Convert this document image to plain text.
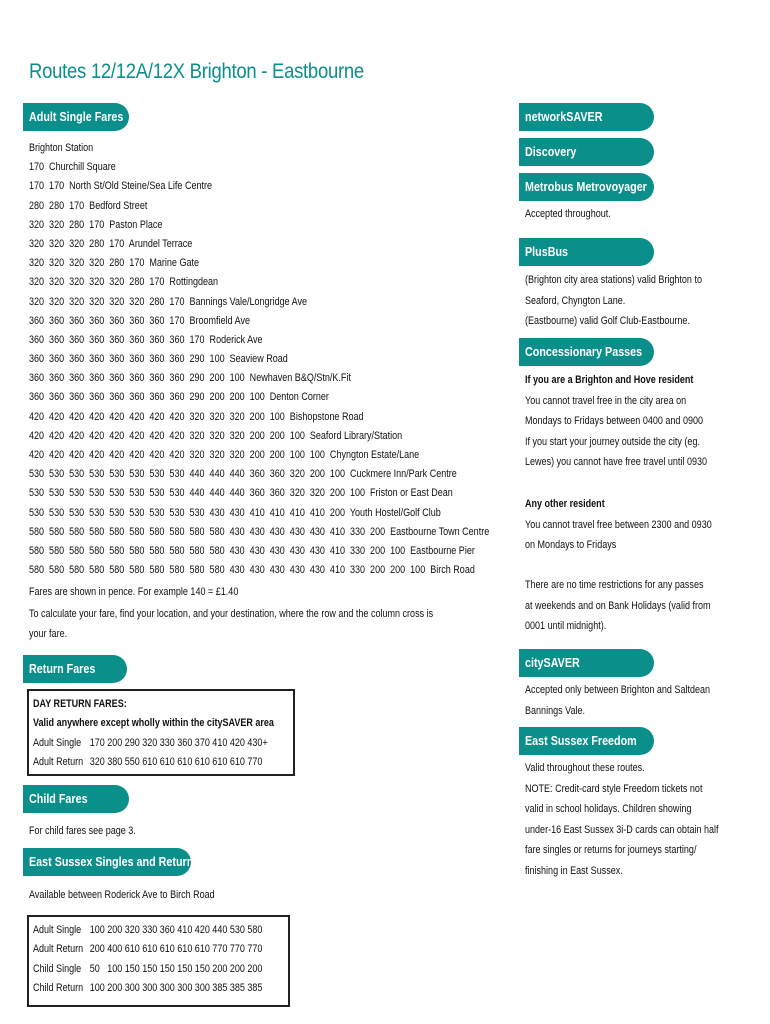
Routes 12/12A/12X Brighton - Eastbourne
Adult Single Fares
Brighton Station
170  Churchill Square
170  170  North St/Old Steine/Sea Life Centre
280  280  170  Bedford Street
320  320  280  170  Paston Place
320  320  320  280  170  Arundel Terrace
320  320  320  320  280  170  Marine Gate
320  320  320  320  320  280  170  Rottingdean
320  320  320  320  320  320  280  170  Bannings Vale/Longridge Ave
360  360  360  360  360  360  360  170  Broomfield Ave
360  360  360  360  360  360  360  360  170  Roderick Ave
360  360  360  360  360  360  360  360  290  100  Seaview Road
360  360  360  360  360  360  360  360  290  200  100  Newhaven B&Q/Stn/K.Fit
360  360  360  360  360  360  360  360  290  200  200  100  Denton Corner
420  420  420  420  420  420  420  420  320  320  320  200  100  Bishopstone Road
420  420  420  420  420  420  420  420  320  320  320  200  200  100  Seaford Library/Station
420  420  420  420  420  420  420  420  320  320  320  200  200  100  100  Chyngton Estate/Lane
530  530  530  530  530  530  530  530  440  440  440  360  360  320  200  100  Cuckmere Inn/Park Centre
530  530  530  530  530  530  530  530  440  440  440  360  360  320  320  200  100  Friston or East Dean
530  530  530  530  530  530  530  530  530  430  430  410  410  410  410  200  Youth Hostel/Golf Club
580  580  580  580  580  580  580  580  580  580  430  430  430  430  430  410  330  200  Eastbourne Town Centre
580  580  580  580  580  580  580  580  580  580  430  430  430  430  430  410  330  200  100  Eastbourne Pier
580  580  580  580  580  580  580  580  580  580  430  430  430  430  430  410  330  200  200  100  Birch Road
Fares are shown in pence. For example 140 = £1.40
To calculate your fare, find your location, and your destination, where the row and the column cross is
your fare.
Return Fares
DAY RETURN FARES:
Valid anywhere except wholly within the citySAVER area
Adult Single	170	200	290	320	330	360	370	410	420	430+
Adult Return	320	380	550	610	610	610	610	610	610	770
Child Fares
For child fares see page 3.
East Sussex Singles and Returns
Available between Roderick Ave to Birch Road
Adult Single	100	200	320	330	360	410	420	440	530	580
Adult Return	200	400	610	610	610	610	610	770	770	770
Child Single	50	100	150	150	150	150	150	200	200	200
Child Return	100	200	300	300	300	300	300	385	385	385
networkSAVER
Discovery
Metrobus Metrovoyager
Accepted throughout.
PlusBus
(Brighton city area stations) valid Brighton to
Seaford, Chyngton Lane.
(Eastbourne) valid Golf Club-Eastbourne.
Concessionary Passes
If you are a Brighton and Hove resident
You cannot travel free in the city area on
Mondays to Fridays between 0400 and 0900
If you start your journey outside the city (eg.
Lewes) you cannot have free travel until 0930
Any other resident
You cannot travel free between 2300 and 0930
on Mondays to Fridays
There are no time restrictions for any passes
at weekends and on Bank Holidays (valid from
0001 until midnight).
citySAVER
Accepted only between Brighton and Saltdean
Bannings Vale.
East Sussex Freedom
Valid throughout these routes.
NOTE: Credit-card style Freedom tickets not
valid in school holidays. Children showing
under-16 East Sussex 3i-D cards can obtain half
fare singles or returns for journeys starting/
finishing in East Sussex.
